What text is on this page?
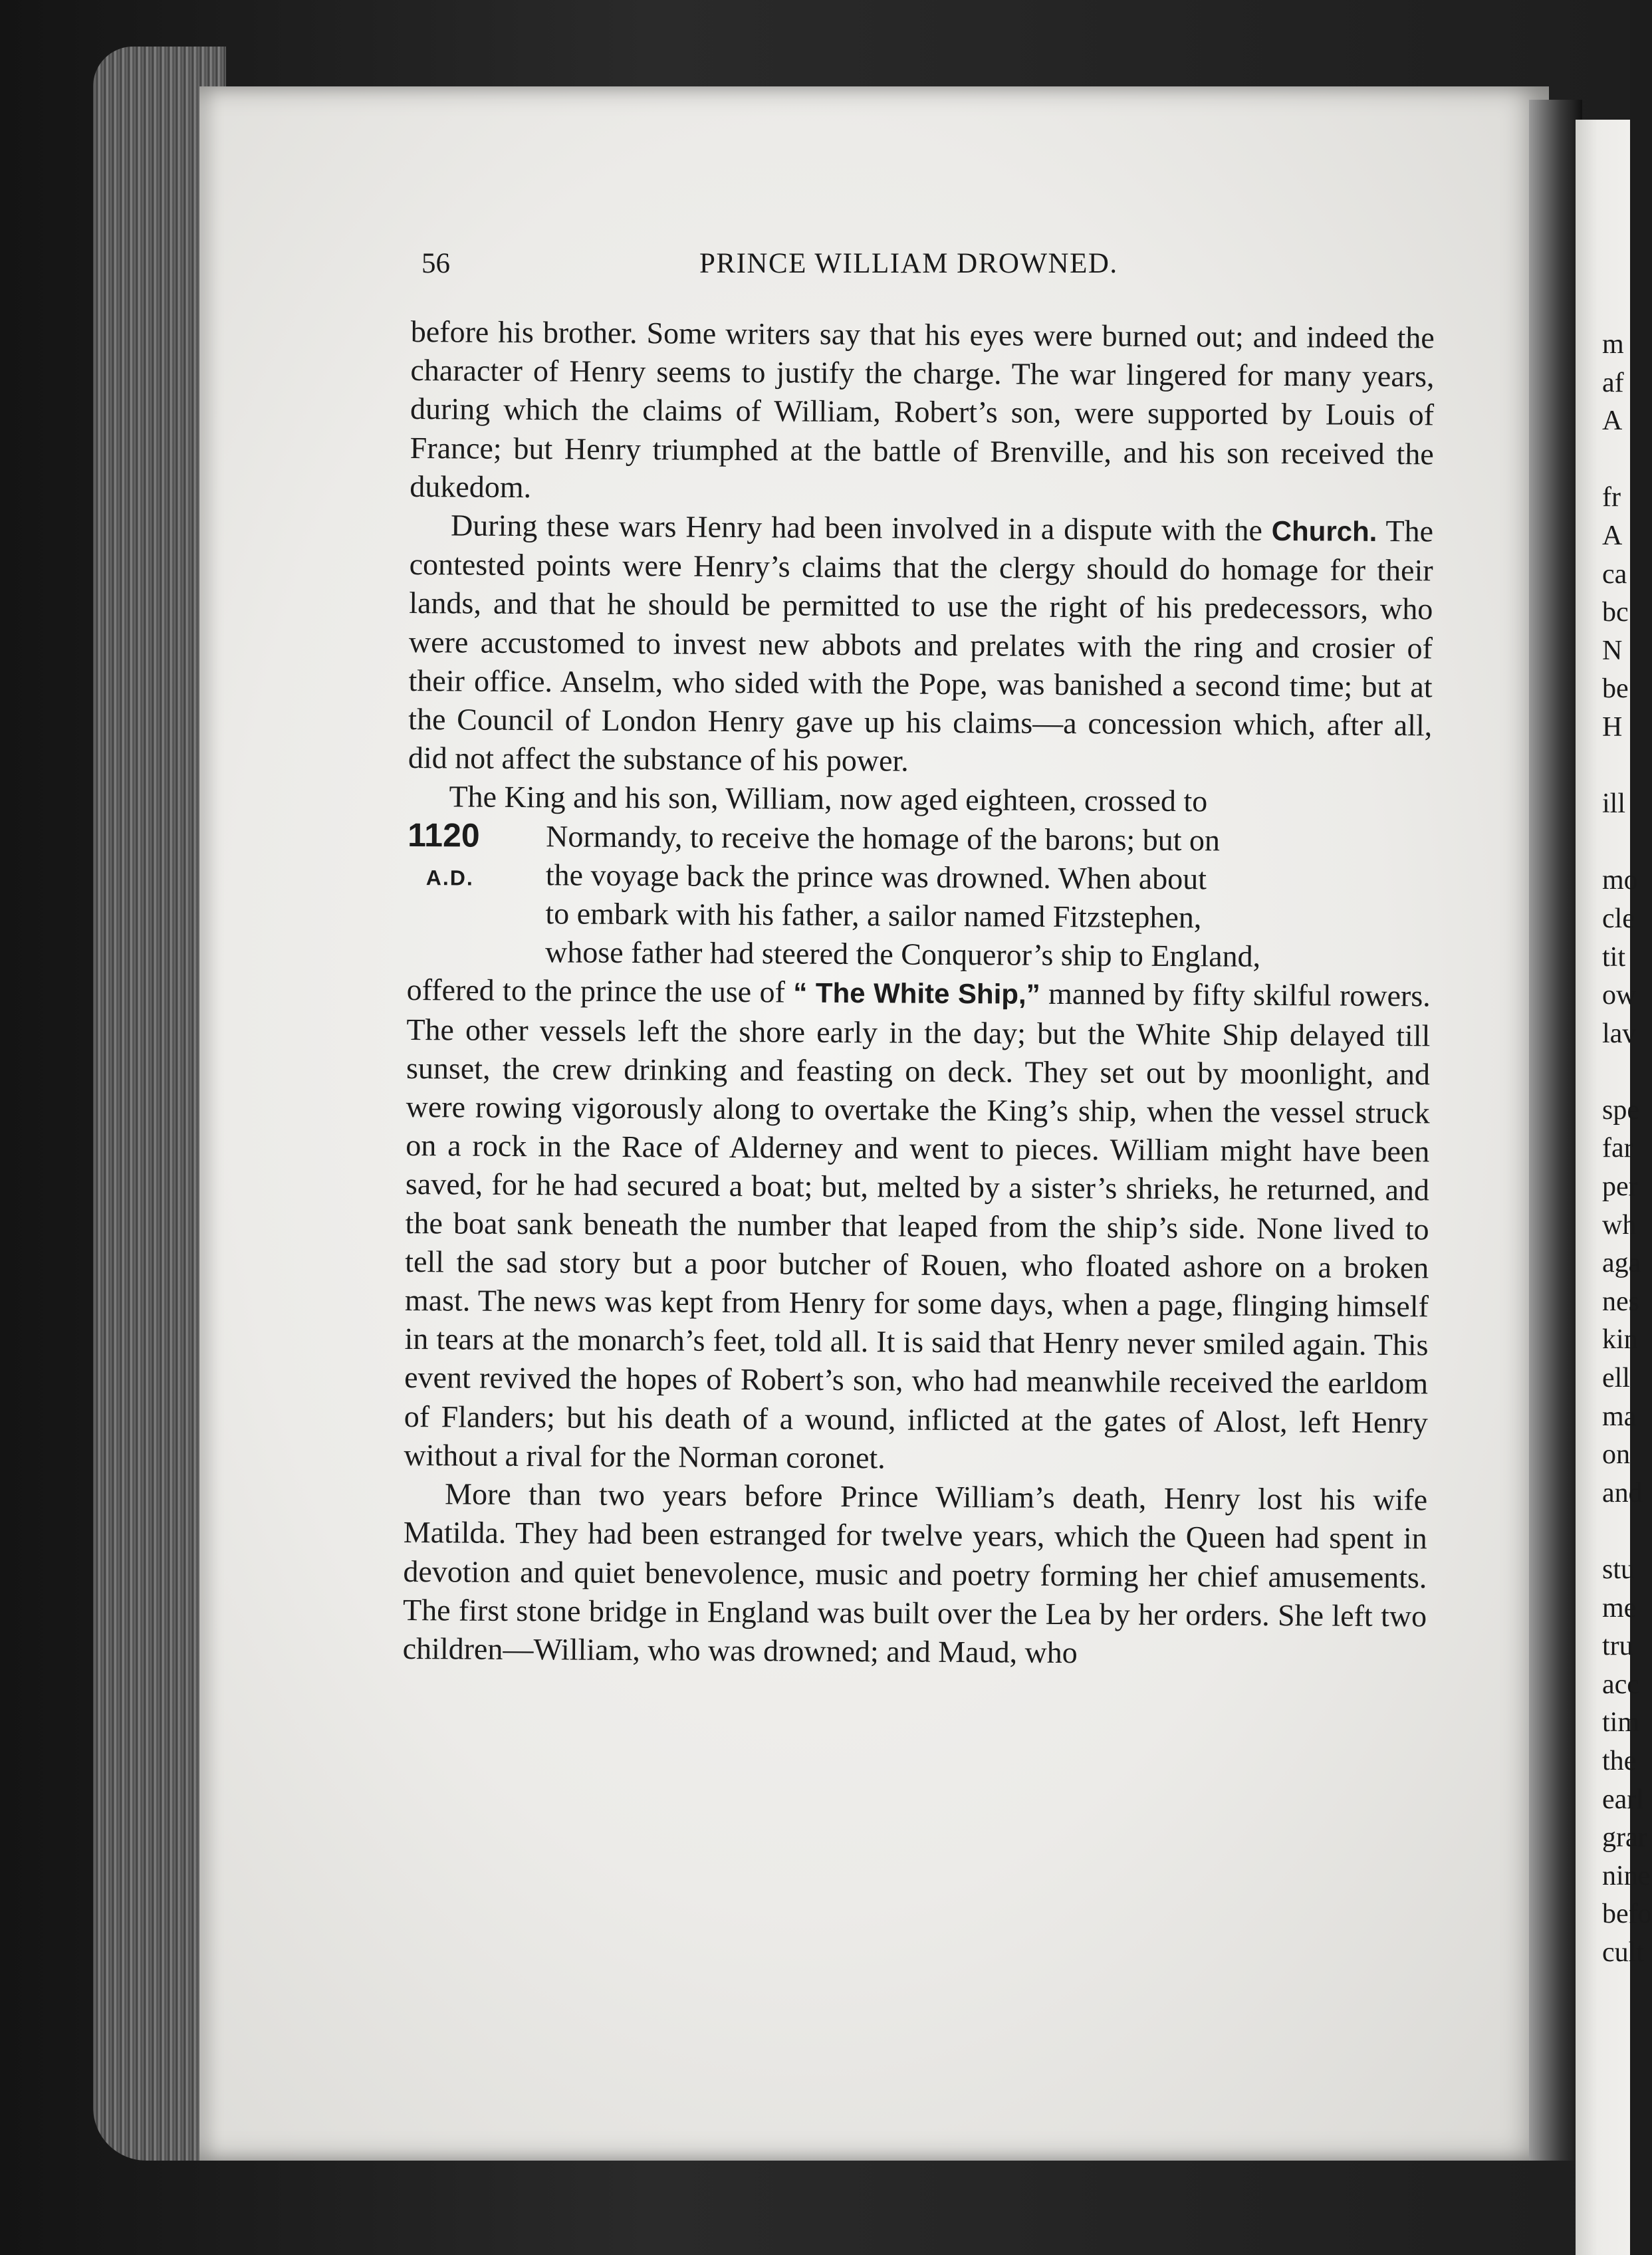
m
af
A
fr
A
ca
bc
N
be
H
ill
mo
cle
tit
ow
lav
spe
far
per
wh
aga
nes
kin
ell
ma
on
and
stu
me
tru
acc
tim
the
earl
grar
nine
befo
cult
56	PRINCE WILLIAM DROWNED.

before his brother. Some writers say that his eyes were burned out; and indeed the character of Henry seems to justify the charge. The war lingered for many years, during which the claims of William, Robert’s son, were supported by Louis of France; but Henry triumphed at the battle of Brenville, and his son received the dukedom.

During these wars Henry had been involved in a dispute with the Church. The contested points were Henry’s claims that the clergy should do homage for their lands, and that he should be permitted to use the right of his predecessors, who were accustomed to invest new abbots and prelates with the ring and crosier of their office. Anselm, who sided with the Pope, was banished a second time; but at the Council of London Henry gave up his claims—a concession which, after all, did not affect the substance of his power.

The King and his son, William, now aged eighteen, crossed to

Normandy, to receive the homage of the barons; but on

the voyage back the prince was drowned. When about

to embark with his father, a sailor named Fitzstephen,

whose father had steered the Conqueror’s ship to England,

1120
A.D.

offered to the prince the use of “ The White Ship,” manned by fifty skilful rowers. The other vessels left the shore early in the day; but the White Ship delayed till sunset, the crew drinking and feasting on deck. They set out by moonlight, and were rowing vigorously along to overtake the King’s ship, when the vessel struck on a rock in the Race of Alderney and went to pieces. William might have been saved, for he had secured a boat; but, melted by a sister’s shrieks, he returned, and the boat sank beneath the number that leaped from the ship’s side. None lived to tell the sad story but a poor butcher of Rouen, who floated ashore on a broken mast. The news was kept from Henry for some days, when a page, flinging himself in tears at the monarch’s feet, told all. It is said that Henry never smiled again. This event revived the hopes of Robert’s son, who had meanwhile received the earldom of Flanders; but his death of a wound, inflicted at the gates of Alost, left Henry without a rival for the Norman coronet.

More than two years before Prince William’s death, Henry lost his wife Matilda. They had been estranged for twelve years, which the Queen had spent in devotion and quiet benevolence, music and poetry forming her chief amusements. The first stone bridge in England was built over the Lea by her orders. She left two children—William, who was drowned; and Maud, who
